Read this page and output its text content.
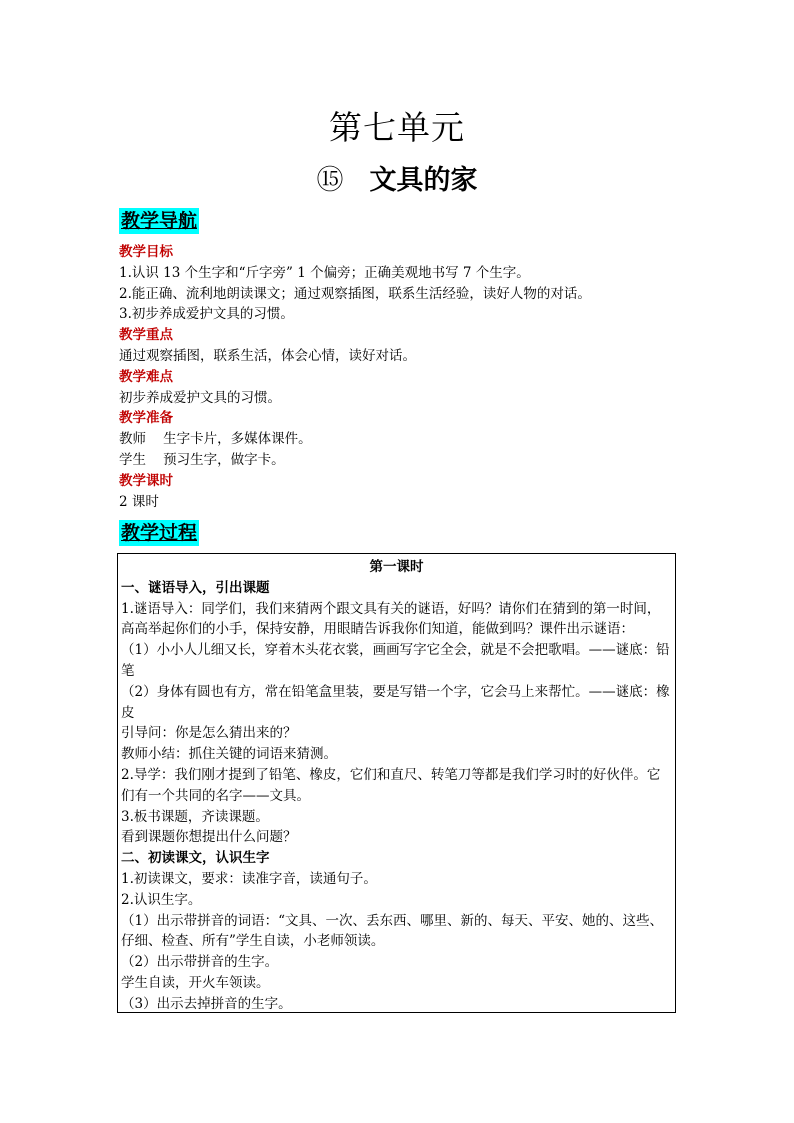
第七单元
⑮ 文具的家
教学导航

教学目标

1.认识 13 个生字和“斤字旁” 1 个偏旁；正确美观地书写 7 个生字。

2.能正确、流利地朗读课文；通过观察插图，联系生活经验，读好人物的对话。

3.初步养成爱护文具的习惯。

教学重点

通过观察插图，联系生活，体会心情，读好对话。

教学难点

初步养成爱护文具的习惯。

教学准备

教师    生字卡片，多媒体课件。

学生    预习生字，做字卡。

教学课时

2 课时

教学过程

第一课时

一、谜语导入，引出课题

1.谜语导入：同学们，我们来猜两个跟文具有关的谜语，好吗？请你们在猜到的第一时间，高高举起你们的小手，保持安静，用眼睛告诉我你们知道，能做到吗？课件出示谜语：

（1）小小人儿细又长，穿着木头花衣裳，画画写字它全会，就是不会把歌唱。——谜底：铅笔

（2）身体有圆也有方，常在铅笔盒里装，要是写错一个字，它会马上来帮忙。——谜底：橡皮

引导问：你是怎么猜出来的？

教师小结：抓住关键的词语来猜测。

2.导学：我们刚才提到了铅笔、橡皮，它们和直尺、转笔刀等都是我们学习时的好伙伴。它们有一个共同的名字——文具。

3.板书课题，齐读课题。

看到课题你想提出什么问题？

二、初读课文，认识生字

1.初读课文，要求：读准字音，读通句子。

2.认识生字。

（1）出示带拼音的词语：“文具、一次、丢东西、哪里、新的、每天、平安、她的、这些、仔细、检查、所有”学生自读，小老师领读。

（2）出示带拼音的生字。

学生自读，开火车领读。

（3）出示去掉拼音的生字。
